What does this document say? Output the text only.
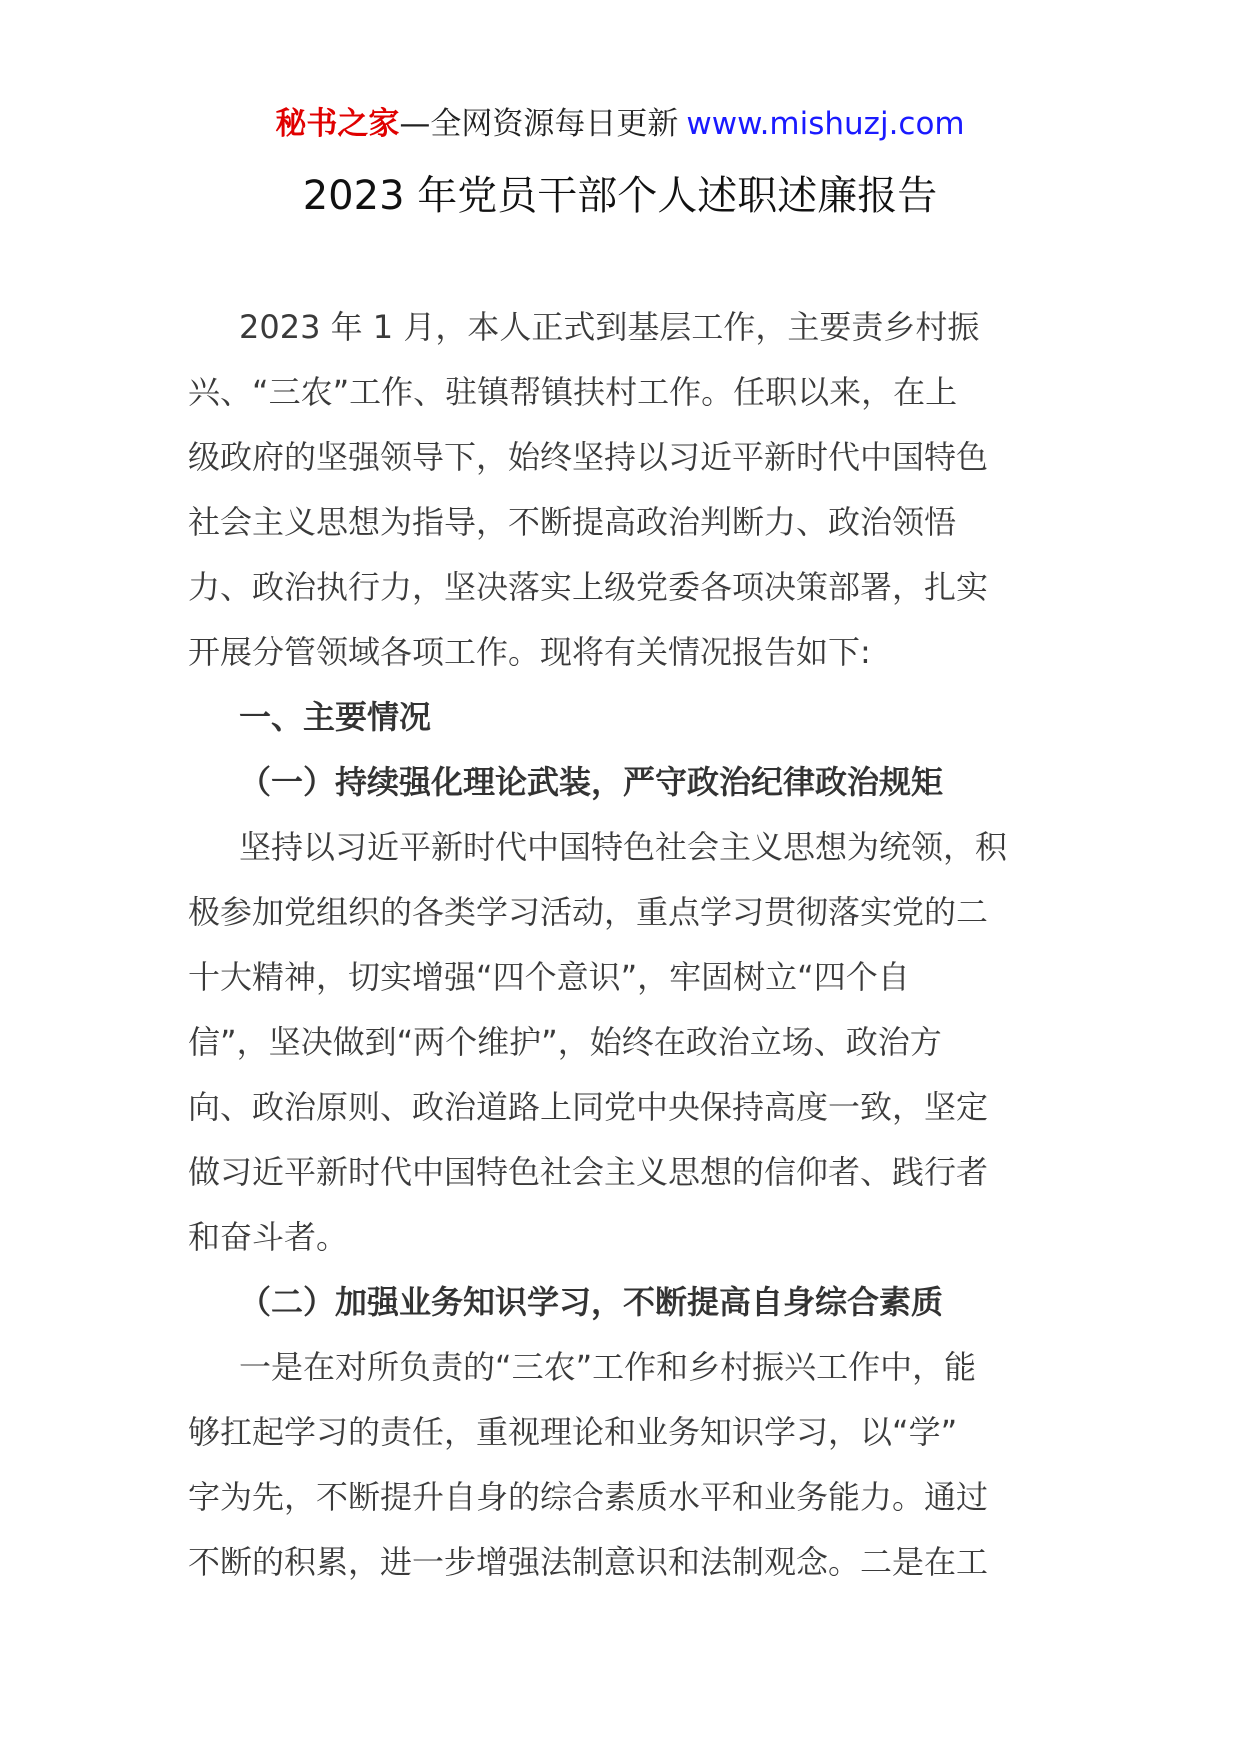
秘书之家—全网资源每日更新 www.mishuzj.com
2023 年党员干部个人述职述廉报告
2023 年 1 月，本人正式到基层工作，主要责乡村振
兴、“三农”工作、驻镇帮镇扶村工作。任职以来，在上
级政府的坚强领导下，始终坚持以习近平新时代中国特色
社会主义思想为指导，不断提高政治判断力、政治领悟
力、政治执行力，坚决落实上级党委各项决策部署，扎实
开展分管领域各项工作。现将有关情况报告如下:
一、主要情况
（一）持续强化理论武装，严守政治纪律政治规矩
坚持以习近平新时代中国特色社会主义思想为统领，积
极参加党组织的各类学习活动，重点学习贯彻落实党的二
十大精神，切实增强“四个意识”，牢固树立“四个自
信”，坚决做到“两个维护”，始终在政治立场、政治方
向、政治原则、政治道路上同党中央保持高度一致，坚定
做习近平新时代中国特色社会主义思想的信仰者、践行者
和奋斗者。
（二）加强业务知识学习，不断提高自身综合素质
一是在对所负责的“三农”工作和乡村振兴工作中，能
够扛起学习的责任，重视理论和业务知识学习，以“学”
字为先，不断提升自身的综合素质水平和业务能力。通过
不断的积累，进一步增强法制意识和法制观念。二是在工
